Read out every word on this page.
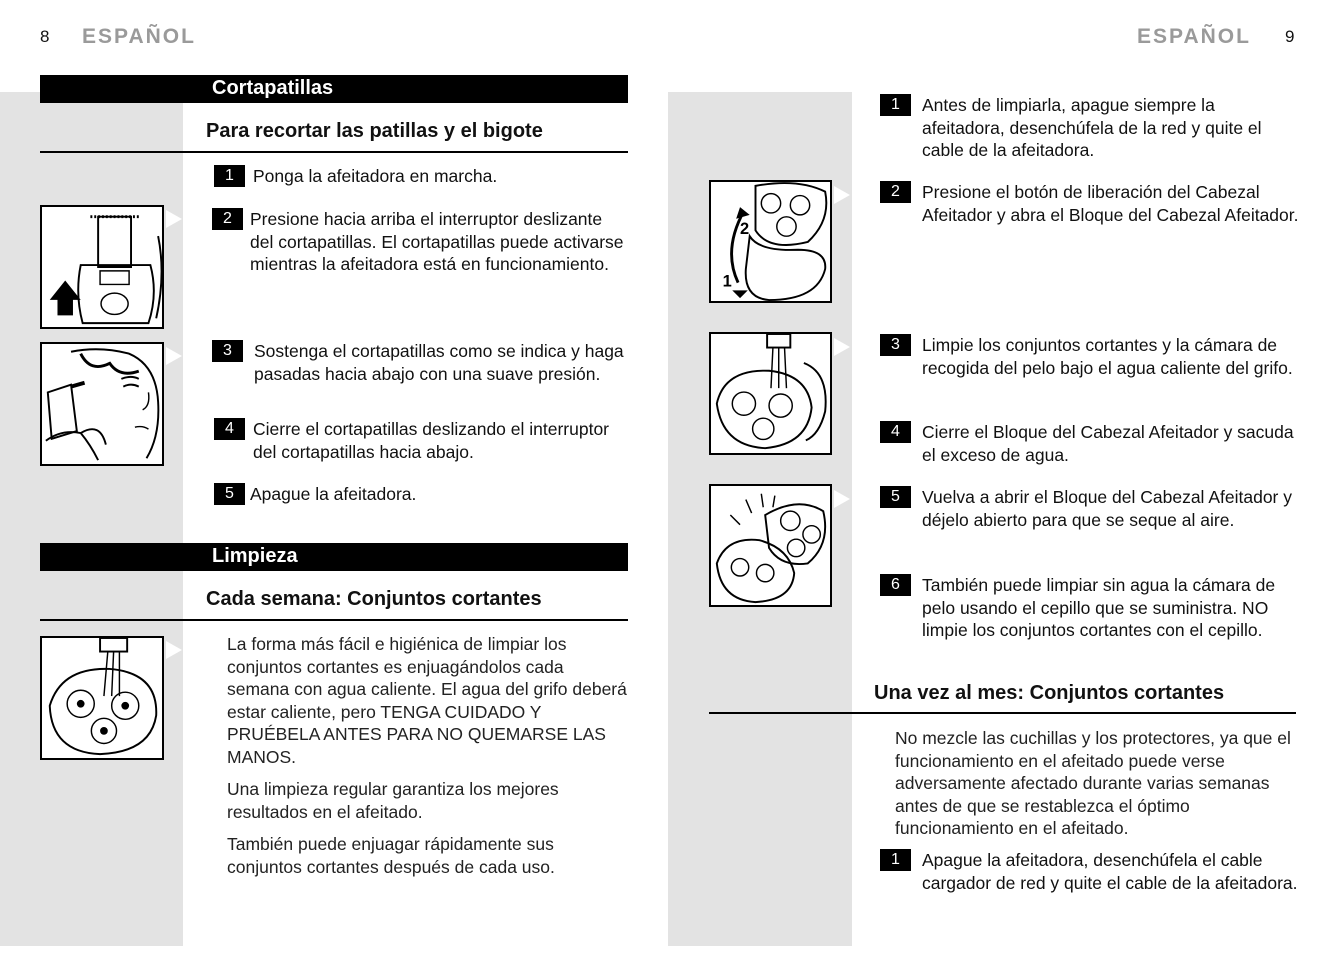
8 ESPAÑOL	ESPAÑOL 9
Cortapatillas
Para recortar las patillas y el bigote
1	Ponga la afeitadora en marcha.
2	Presione hacia arriba el interruptor deslizante del cortapatillas. El cortapatillas puede activarse mientras la afeitadora está en funcionamiento.
3	Sostenga el cortapatillas como se indica y haga pasadas hacia abajo con una suave presión.
4	Cierre el cortapatillas deslizando el interruptor del cortapatillas hacia abajo.
5 Apague la afeitadora.
Limpieza
Cada semana: Conjuntos cortantes
La forma más fácil e higiénica de limpiar los conjuntos cortantes es enjuagándolos cada semana con agua caliente. El agua del grifo deberá estar caliente, pero TENGA CUIDADO Y PRUÉBELA ANTES PARA NO QUEMARSE LAS MANOS.
Una limpieza regular garantiza los mejores resultados en el afeitado.
También puede enjuagar rápidamente sus conjuntos cortantes después de cada uso.
2
1
1	Antes de limpiarla, apague siempre la afeitadora, desenchúfela de la red y quite el cable de la afeitadora.
2	Presione el botón de liberación del Cabezal Afeitador y abra el Bloque del Cabezal Afeitador.
3	Limpie los conjuntos cortantes y la cámara de recogida del pelo bajo el agua caliente del grifo.
4	Cierre el Bloque del Cabezal Afeitador y sacuda el exceso de agua.
5	Vuelva a abrir el Bloque del Cabezal Afeitador y déjelo abierto para que se seque al aire.
6	También puede limpiar sin agua la cámara de pelo usando el cepillo que se suministra. NO limpie los conjuntos cortantes con el cepillo.
Una vez al mes: Conjuntos cortantes
No mezcle las cuchillas y los protectores, ya que el funcionamiento en el afeitado puede verse adversamente afectado durante varias semanas antes de que se restablezca el óptimo funcionamiento en el afeitado.
1	Apague la afeitadora, desenchúfela el cable cargador de red y quite el cable de la afeitadora.
